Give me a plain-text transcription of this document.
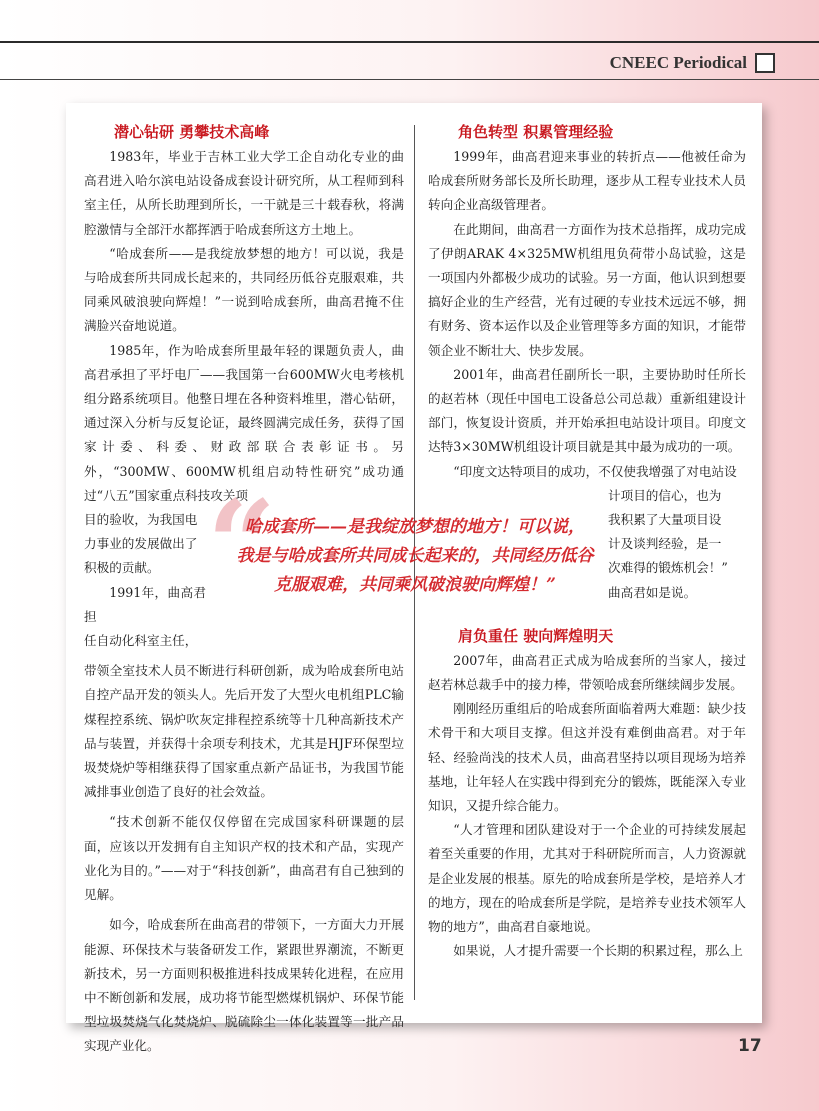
CNEEC Periodical

潜心钻研 勇攀技术高峰

1983年，毕业于吉林工业大学工企自动化专业的曲高君进入哈尔滨电站设备成套设计研究所，从工程师到科室主任，从所长助理到所长，一干就是三十载春秋，将满腔激情与全部汗水都挥洒于哈成套所这方土地上。

“哈成套所——是我绽放梦想的地方！可以说，我是与哈成套所共同成长起来的，共同经历低谷克服艰难，共同乘风破浪驶向辉煌！”一说到哈成套所，曲高君掩不住满脸兴奋地说道。

1985年，作为哈成套所里最年轻的课题负责人，曲高君承担了平圩电厂——我国第一台600MW火电考核机组分路系统项目。他整日埋在各种资料堆里，潜心钻研，通过深入分析与反复论证，最终圆满完成任务，获得了国家计委、科委、财政部联合表彰证书。另外，“300MW、600MW机组启动特性研究”成功通过“八五”国家重点科技攻关项

目的验收，为我国电

力事业的发展做出了

积极的贡献。

1991年，曲高君担

任自动化科室主任，

带领全室技术人员不断进行科研创新，成为哈成套所电站自控产品开发的领头人。先后开发了大型火电机组PLC输煤程控系统、锅炉吹灰定排程控系统等十几种高新技术产品与装置，并获得十余项专利技术，尤其是HJF环保型垃圾焚烧炉等相继获得了国家重点新产品证书，为我国节能减排事业创造了良好的社会效益。

“技术创新不能仅仅停留在完成国家科研课题的层面，应该以开发拥有自主知识产权的技术和产品，实现产业化为目的。”——对于“科技创新”，曲高君有自己独到的见解。

如今，哈成套所在曲高君的带领下，一方面大力开展能源、环保技术与装备研发工作，紧跟世界潮流，不断更新技术，另一方面则积极推进科技成果转化进程，在应用中不断创新和发展，成功将节能型燃煤机锅炉、环保节能型垃圾焚烧气化焚烧炉、脱硫除尘一体化装置等一批产品实现产业化。

角色转型 积累管理经验

1999年，曲高君迎来事业的转折点——他被任命为哈成套所财务部长及所长助理，逐步从工程专业技术人员转向企业高级管理者。

在此期间，曲高君一方面作为技术总指挥，成功完成了伊朗ARAK 4×325MW机组甩负荷带小岛试验，这是一项国内外都极少成功的试验。另一方面，他认识到想要搞好企业的生产经营，光有过硬的专业技术远远不够，拥有财务、资本运作以及企业管理等多方面的知识，才能带领企业不断壮大、快步发展。

2001年，曲高君任副所长一职，主要协助时任所长的赵若林（现任中国电工设备总公司总裁）重新组建设计部门，恢复设计资质，并开始承担电站设计项目。印度文达特3×30MW机组设计项目就是其中最为成功的一项。

“印度文达特项目的成功，不仅使我增强了对电站设

计项目的信心，也为

我积累了大量项目设

计及谈判经验，是一

次难得的锻炼机会！”

曲高君如是说。

肩负重任 驶向辉煌明天

2007年，曲高君正式成为哈成套所的当家人，接过赵若林总裁手中的接力棒，带领哈成套所继续阔步发展。

刚刚经历重组后的哈成套所面临着两大难题：缺少技术骨干和大项目支撑。但这并没有难倒曲高君。对于年轻、经验尚浅的技术人员，曲高君坚持以项目现场为培养基地，让年轻人在实践中得到充分的锻炼，既能深入专业知识，又提升综合能力。

“人才管理和团队建设对于一个企业的可持续发展起着至关重要的作用，尤其对于科研院所而言，人力资源就是企业发展的根基。原先的哈成套所是学校，是培养人才的地方，现在的哈成套所是学院，是培养专业技术领军人物的地方”，曲高君自豪地说。

如果说，人才提升需要一个长期的积累过程，那么上

“
哈成套所——是我绽放梦想的地方！可以说，
我是与哈成套所共同成长起来的，共同经历低谷
克服艰难，共同乘风破浪驶向辉煌！”
17
